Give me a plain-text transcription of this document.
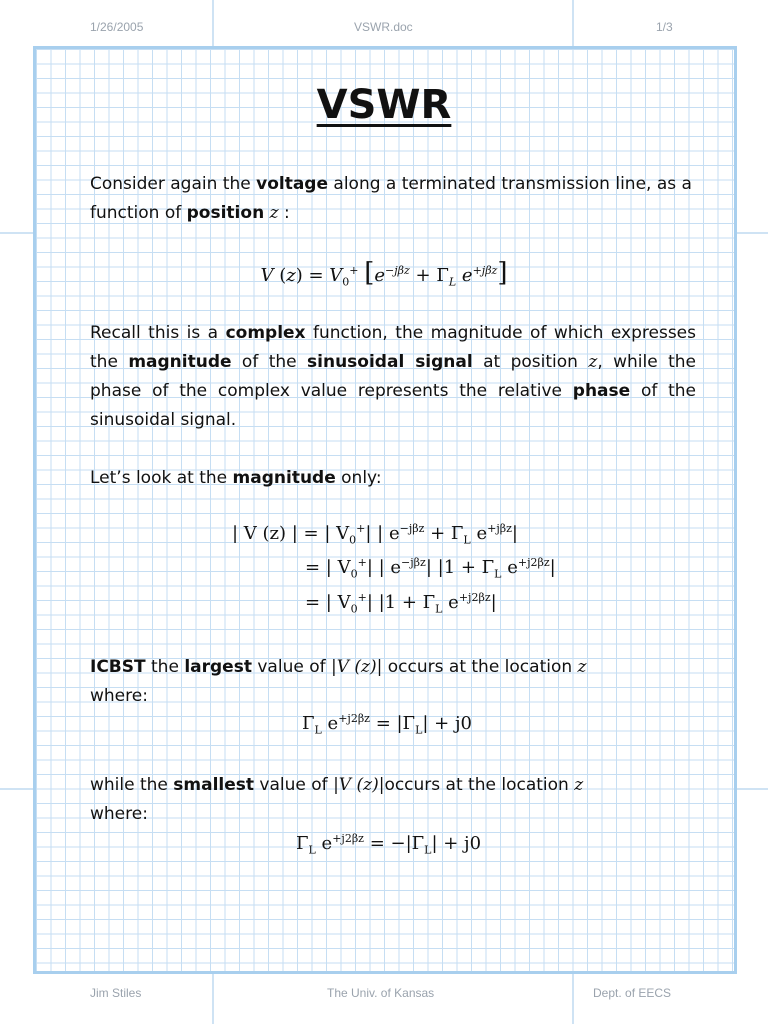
1/26/2005	VSWR.doc	1/3
VSWR
Consider again the voltage along a terminated transmission line, as a function of position z :
V $(z) = V_0^+$ [$e^{-j\beta z} + \Gamma_L$ $e^{+j\beta z}$]
Recall this is a complex function, the magnitude of which expresses the magnitude of the sinusoidal signal at position z, while the phase of the complex value represents the relative phase of the sinusoidal signal.
Let’s look at the magnitude only:
| V (z) | = | $V_0^+|$ | $e^{-j\beta z} + \Gamma_L$ $e^{+j\beta z}|$
= | $V_0^+|$ | $e^{-j\beta z}|$ $|1 + \Gamma_L$ $e^{+j2\beta z}|$
= | $V_0^+|$ $|1 + \Gamma_L$ $e^{+j2\beta z}|$
ICBST the largest value of |V (z)| occurs at the location z
where:
$\Gamma_L$ $e^{+j2\beta z} = |\Gamma_L| + j0$
while the smallest value of |V (z)|occurs at the location z
where:
$\Gamma_L$ $e^{+j2\beta z} = -|\Gamma_L| + j0$
Jim Stiles	The Univ. of Kansas	Dept. of EECS
